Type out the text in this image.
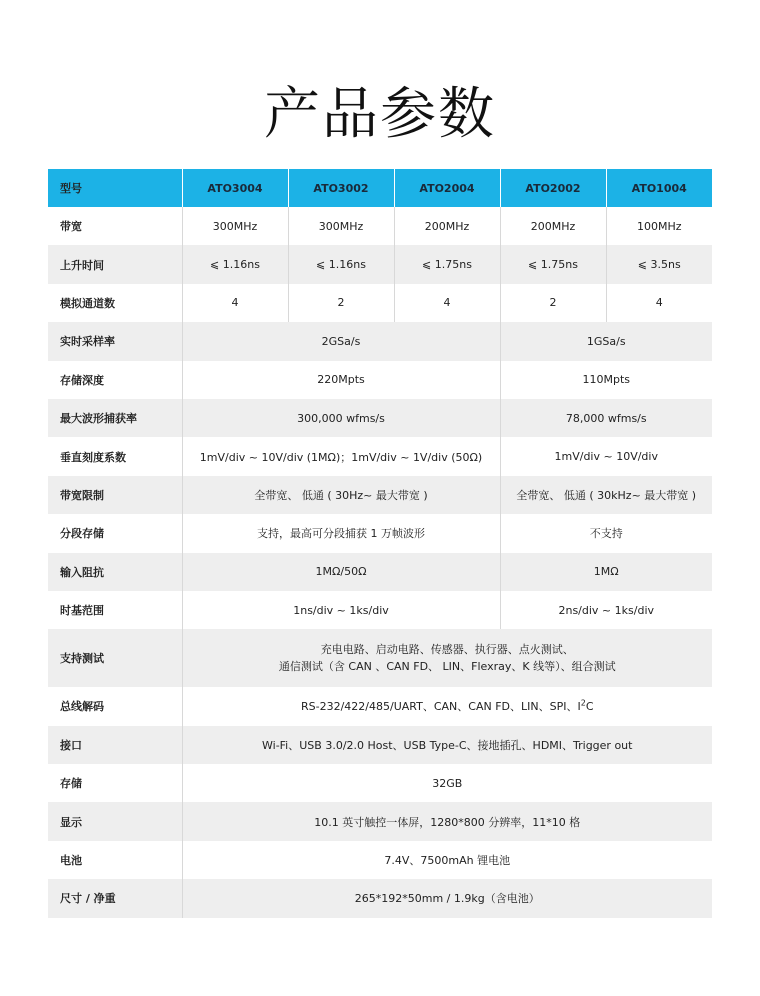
产品参数
型号	ATO3004	ATO3002	ATO2004	ATO2002	ATO1004
带宽	300MHz	300MHz	200MHz	200MHz	100MHz
上升时间	⩽ 1.16ns	⩽ 1.16ns	⩽ 1.75ns	⩽ 1.75ns	⩽ 3.5ns
模拟通道数	4	2	4	2	4
实时采样率	2GSa/s			1GSa/s	
存储深度	220Mpts			110Mpts	
最大波形捕获率	300,000 wfms/s			78,000 wfms/s	
垂直刻度系数	1mV/div ~ 10V/div (1MΩ)；1mV/div ~ 1V/div (50Ω)			1mV/div ~ 10V/div	
带宽限制	全带宽、 低通 ( 30Hz~ 最大带宽 )			全带宽、 低通 ( 30kHz~ 最大带宽 )	
分段存储	支持，最高可分段捕获 1 万帧波形			不支持	
输入阻抗	1MΩ/50Ω			1MΩ	
时基范围	1ns/div ~ 1ks/div			2ns/div ~ 1ks/div	
支持测试	充电电路、启动电路、传感器、执行器、点火测试、
通信测试（含 CAN 、CAN FD、 LIN、Flexray、K 线等）、组合测试				

总线解码	RS-232/422/485/UART、CAN、CAN FD、LIN、SPI、$I^2C$				
接口	Wi-Fi、USB 3.0/2.0 Host、USB Type-C、接地插孔、HDMI、Trigger out				
存储	32GB				
显示	10.1 英寸触控一体屏，1280*800 分辨率，11*10 格				
电池	7.4V、7500mAh 锂电池				
尺寸 / 净重	265*192*50mm / 1.9kg（含电池）				
